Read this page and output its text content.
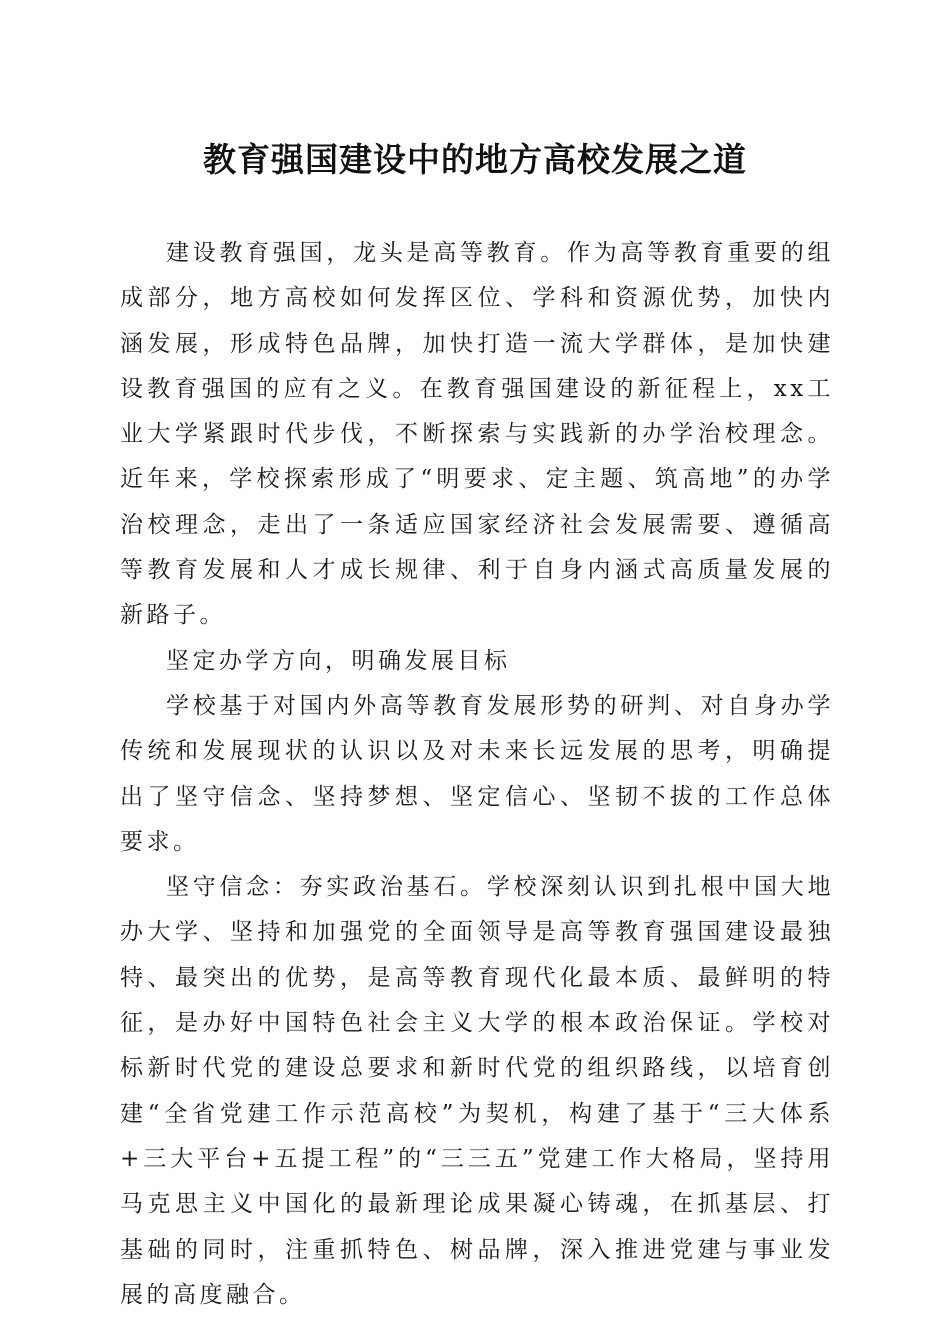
教育强国建设中的地方高校发展之道

建设教育强国，龙头是高等教育。作为高等教育重要的组成部分，地方高校如何发挥区位、学科和资源优势，加快内涵发展，形成特色品牌，加快打造一流大学群体，是加快建设教育强国的应有之义。在教育强国建设的新征程上，xx工业大学紧跟时代步伐，不断探索与实践新的办学治校理念。近年来，学校探索形成了“明要求、定主题、筑高地”的办学治校理念，走出了一条适应国家经济社会发展需要、遵循高等教育发展和人才成长规律、利于自身内涵式高质量发展的新路子。

坚定办学方向，明确发展目标

学校基于对国内外高等教育发展形势的研判、对自身办学传统和发展现状的认识以及对未来长远发展的思考，明确提出了坚守信念、坚持梦想、坚定信心、坚韧不拔的工作总体要求。

坚守信念：夯实政治基石。学校深刻认识到扎根中国大地办大学、坚持和加强党的全面领导是高等教育强国建设最独特、最突出的优势，是高等教育现代化最本质、最鲜明的特征，是办好中国特色社会主义大学的根本政治保证。学校对标新时代党的建设总要求和新时代党的组织路线，以培育创建“全省党建工作示范高校”为契机，构建了基于“三大体系+三大平台+五提工程”的“三三五”党建工作大格局，坚持用马克思主义中国化的最新理论成果凝心铸魂，在抓基层、打基础的同时，注重抓特色、树品牌，深入推进党建与事业发展的高度融合。
